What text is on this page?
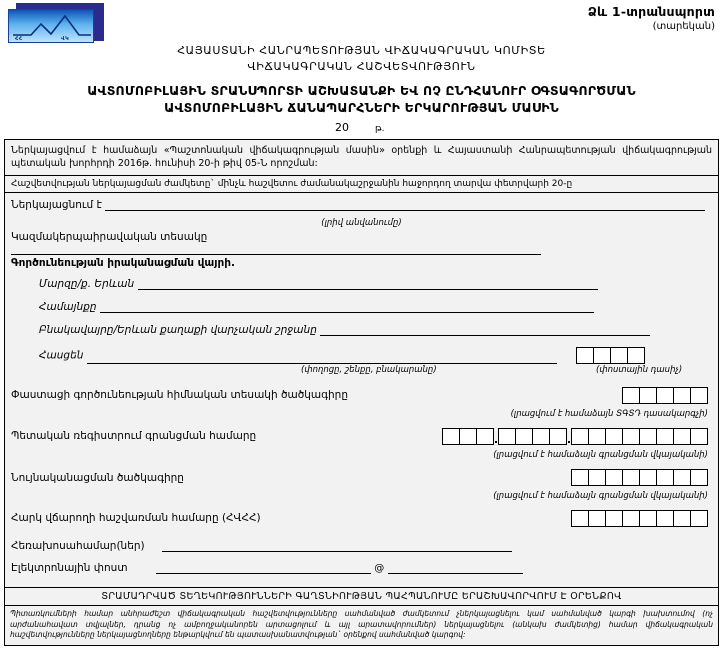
ՀՀ	ՎԿ
Ձև 1-տրանսպորտ
(տարեկան)
ՀԱՅԱՍՏԱՆԻ ՀԱՆՐԱՊԵՏՈՒԹՅԱՆ ՎԻՃԱԿԱԳՐԱԿԱՆ ԿՈՄԻՏԵ
ՎԻՃԱԿԱԳՐԱԿԱՆ ՀԱՇՎԵՏՎՈՒԹՅՈՒՆ
ԱՎՏՈՄՈԲԻԼԱՅԻՆ ՏՐԱՆՍՊՈՐՏԻ ԱՇԽԱՏԱՆՔԻ ԵՎ ՈՉ ԸՆԴՀԱՆՈՒՐ ՕԳՏԱԳՈՐԾՄԱՆ
ԱՎՏՈՄՈԲԻԼԱՅԻՆ ՃԱՆԱՊԱՐՀՆԵՐԻ ԵՐԿԱՐՈՒԹՅԱՆ ՄԱՍԻՆ
20	թ.
Ներկայացվում է համաձայն «Պաշտոնական վիճակագրության մասին» օրենքի և Հայաստանի Հանրապետության վիճակագրության պետական խորհրդի 2016թ. հունիսի 20-ի թիվ 05-Ն որոշման:
Հաշվետվության ներկայացման ժամկետը` մինչև հաշվետու ժամանակաշրջանին հաջորդող տարվա փետրվարի 20-ը
Ներկայացնում է
(լրիվ անվանումը)
Կազմակերպաիրավական տեսակը
Գործունեության իրականացման վայրի.
Մարզը/ք. Երևան
Համայնքը
Բնակավայրը/Երևան քաղաքի վարչական շրջանը
Հասցեն
(փողոցը, շենքը, բնակարանը)	(փոստային դասիչ)
Փաստացի գործունեության հիմնական տեսակի ծածկագիրը
(լրացվում է համաձայն ՏԳՏԴ դասակարգչի)
Պետական ռեգիստրում գրանցման համարը
(լրացվում է համաձայն գրանցման վկայականի)
Նույնականացման ծածկագիրը
(լրացվում է համաձայն գրանցման վկայականի)
Հարկ վճարողի հաշվառման համարը (ՀՎՀՀ)
Հեռախոսահամար(ներ)
Էլեկտրոնային փոստ	@
ՏՐԱՄԱԴՐՎԱԾ ՏԵՂԵԿՈՒԹՅՈՒՆՆԵՐԻ ԳԱՂՏՆԻՈՒԹՅԱՆ ՊԱՀՊԱՆՈՒՄԸ ԵՐԱՇԽԱՎՈՐՎՈՒՄ Է ՕՐԵՆՔՈՎ
Պիտառկումների համար անհրաժեշտ վիճակագրական հաշվետվությունները սահմանված ժամկետում չներկայացնելու կամ սահմանված կարգի խախտումով (ոչ արժանահավատ տվյալներ, դրանց ոչ ամբողջականորեն արտացոլում և այլ արատավորումներ) ներկայացնելու (անկախ ժամկետից) համար վիճակագրական հաշվետվությունները ներկայացնողները ենթարկվում են պատասխանատվության` օրենքով սահմանված կարգով:
